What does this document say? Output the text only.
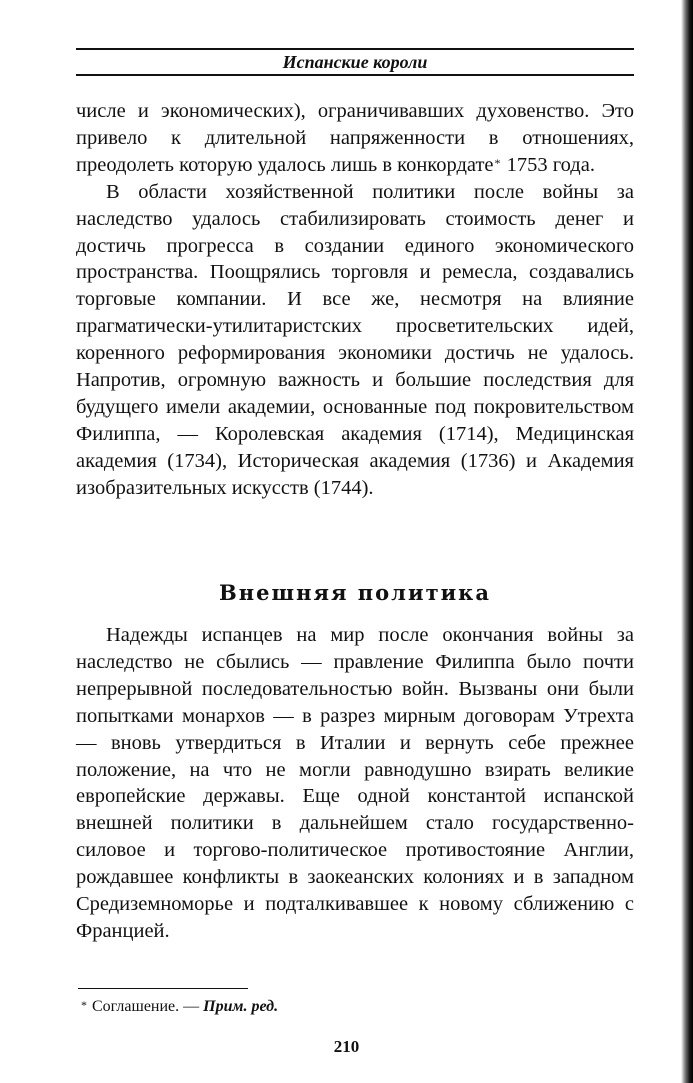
Испанские короли

числе и экономических), ограничивавших духовенство. Это привело к длительной напряженности в отношениях, преодолеть которую удалось лишь в конкордате* 1753 года.

В области хозяйственной политики после войны за наследство удалось стабилизировать стоимость денег и достичь прогресса в создании единого экономического пространства. Поощрялись торговля и ремесла, создавались торговые компании. И все же, несмотря на влияние прагматически-утилитаристских просветительских идей, коренного реформирования экономики достичь не удалось. Напротив, огромную важность и большие последствия для будущего имели академии, основанные под покровительством Филиппа, — Королевская академия (1714), Медицинская академия (1734), Историческая академия (1736) и Академия изобразительных искусств (1744).

Внешняя политика

Надежды испанцев на мир после окончания войны за наследство не сбылись — правление Филиппа было почти непрерывной последовательностью войн. Вызваны они были попытками монархов — в разрез мирным договорам Утрехта — вновь утвердиться в Италии и вернуть себе прежнее положение, на что не могли равнодушно взирать великие европейские державы. Еще одной константой испанской внешней политики в дальнейшем стало государственно-силовое и торгово-политическое противостояние Англии, рождавшее конфликты в заокеанских колониях и в западном Средиземноморье и подталкивавшее к новому сближению с Францией.

* Соглашение. — Прим. ред.
210
